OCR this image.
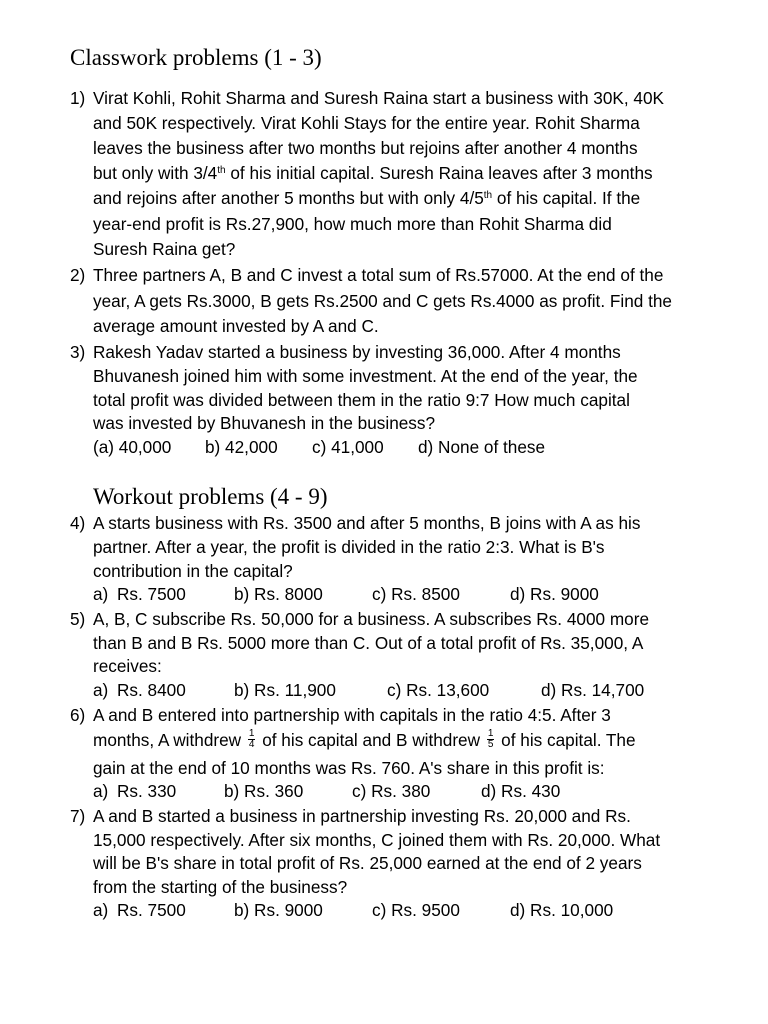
Classwork problems (1 - 3)
1) Virat Kohli, Rohit Sharma and Suresh Raina start a business with 30K, 40K
and 50K respectively. Virat Kohli Stays for the entire year. Rohit Sharma
leaves the business after two months but rejoins after another 4 months
but only with 3/4th of his initial capital. Suresh Raina leaves after 3 months
and rejoins after another 5 months but with only 4/5th of his capital. If the
year-end profit is Rs.27,900, how much more than Rohit Sharma did
Suresh Raina get?
2) Three partners A, B and C invest a total sum of Rs.57000. At the end of the
year, A gets Rs.3000, B gets Rs.2500 and C gets Rs.4000 as profit. Find the
average amount invested by A and C.
3) Rakesh Yadav started a business by investing 36,000. After 4 months
Bhuvanesh joined him with some investment. At the end of the year, the
total profit was divided between them in the ratio 9:7 How much capital
was invested by Bhuvanesh in the business?
(a) 40,000 b) 42,000 c) 41,000 d) None of these
Workout problems (4 - 9)
4) A starts business with Rs. 3500 and after 5 months, B joins with A as his
partner. After a year, the profit is divided in the ratio 2:3. What is B's
contribution in the capital?
a) Rs. 7500	b) Rs. 8000	c) Rs. 8500	d) Rs. 9000
5) A, B, C subscribe Rs. 50,000 for a business. A subscribes Rs. 4000 more
than B and B Rs. 5000 more than C. Out of a total profit of Rs. 35,000, A
receives:
a) Rs. 8400	b) Rs. 11,900	c) Rs. 13,600	d) Rs. 14,700
6) A and B entered into partnership with capitals in the ratio 4:5. After 3
months, A withdrew $\frac{1}{4}$ of his capital and B withdrew $\frac{1}{5}$ of his capital. The
gain at the end of 10 months was Rs. 760. A's share in this profit is:
a) Rs. 330	b) Rs. 360	c) Rs. 380	d) Rs. 430
7) A and B started a business in partnership investing Rs. 20,000 and Rs.
15,000 respectively. After six months, C joined them with Rs. 20,000. What
will be B's share in total profit of Rs. 25,000 earned at the end of 2 years
from the starting of the business?
a) Rs. 7500	b) Rs. 9000	c) Rs. 9500	d) Rs. 10,000
